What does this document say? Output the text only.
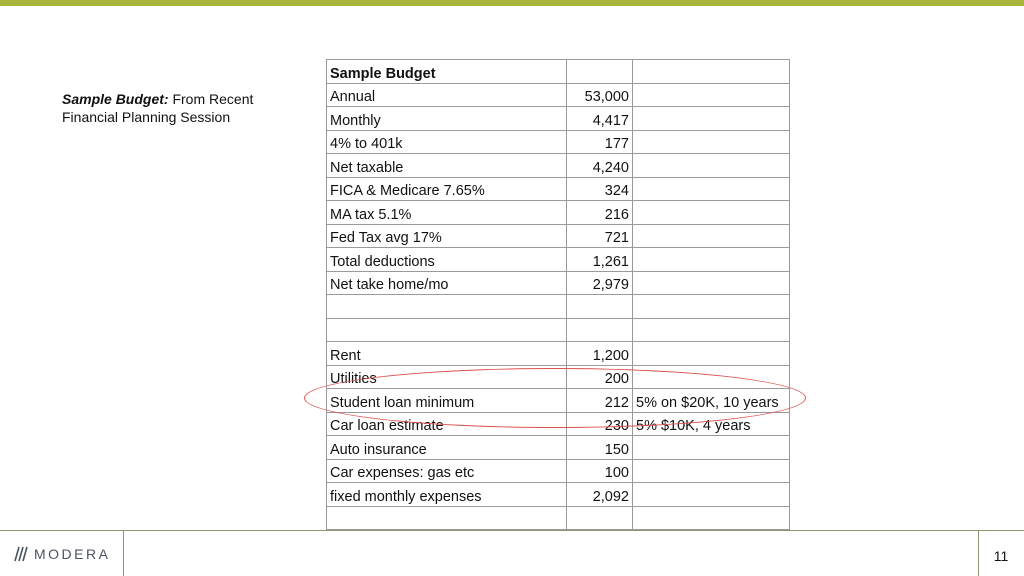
Sample Budget: From Recent Financial Planning Session
Sample Budget		
Annual	53,000	
Monthly	4,417	
4% to 401k	177	
Net taxable	4,240	
FICA & Medicare 7.65%	324	
MA tax 5.1%	216	
Fed Tax avg 17%	721	
Total deductions	1,261	
Net take home/mo	2,979	

Rent	1,200	
Utilities	200	
Student loan minimum	212	5% on $20K, 10 years
Car loan estimate	230	5% $10K, 4 years
Auto insurance	150	
Car expenses: gas etc	100	
fixed monthly expenses	2,092	

MODERA	11
